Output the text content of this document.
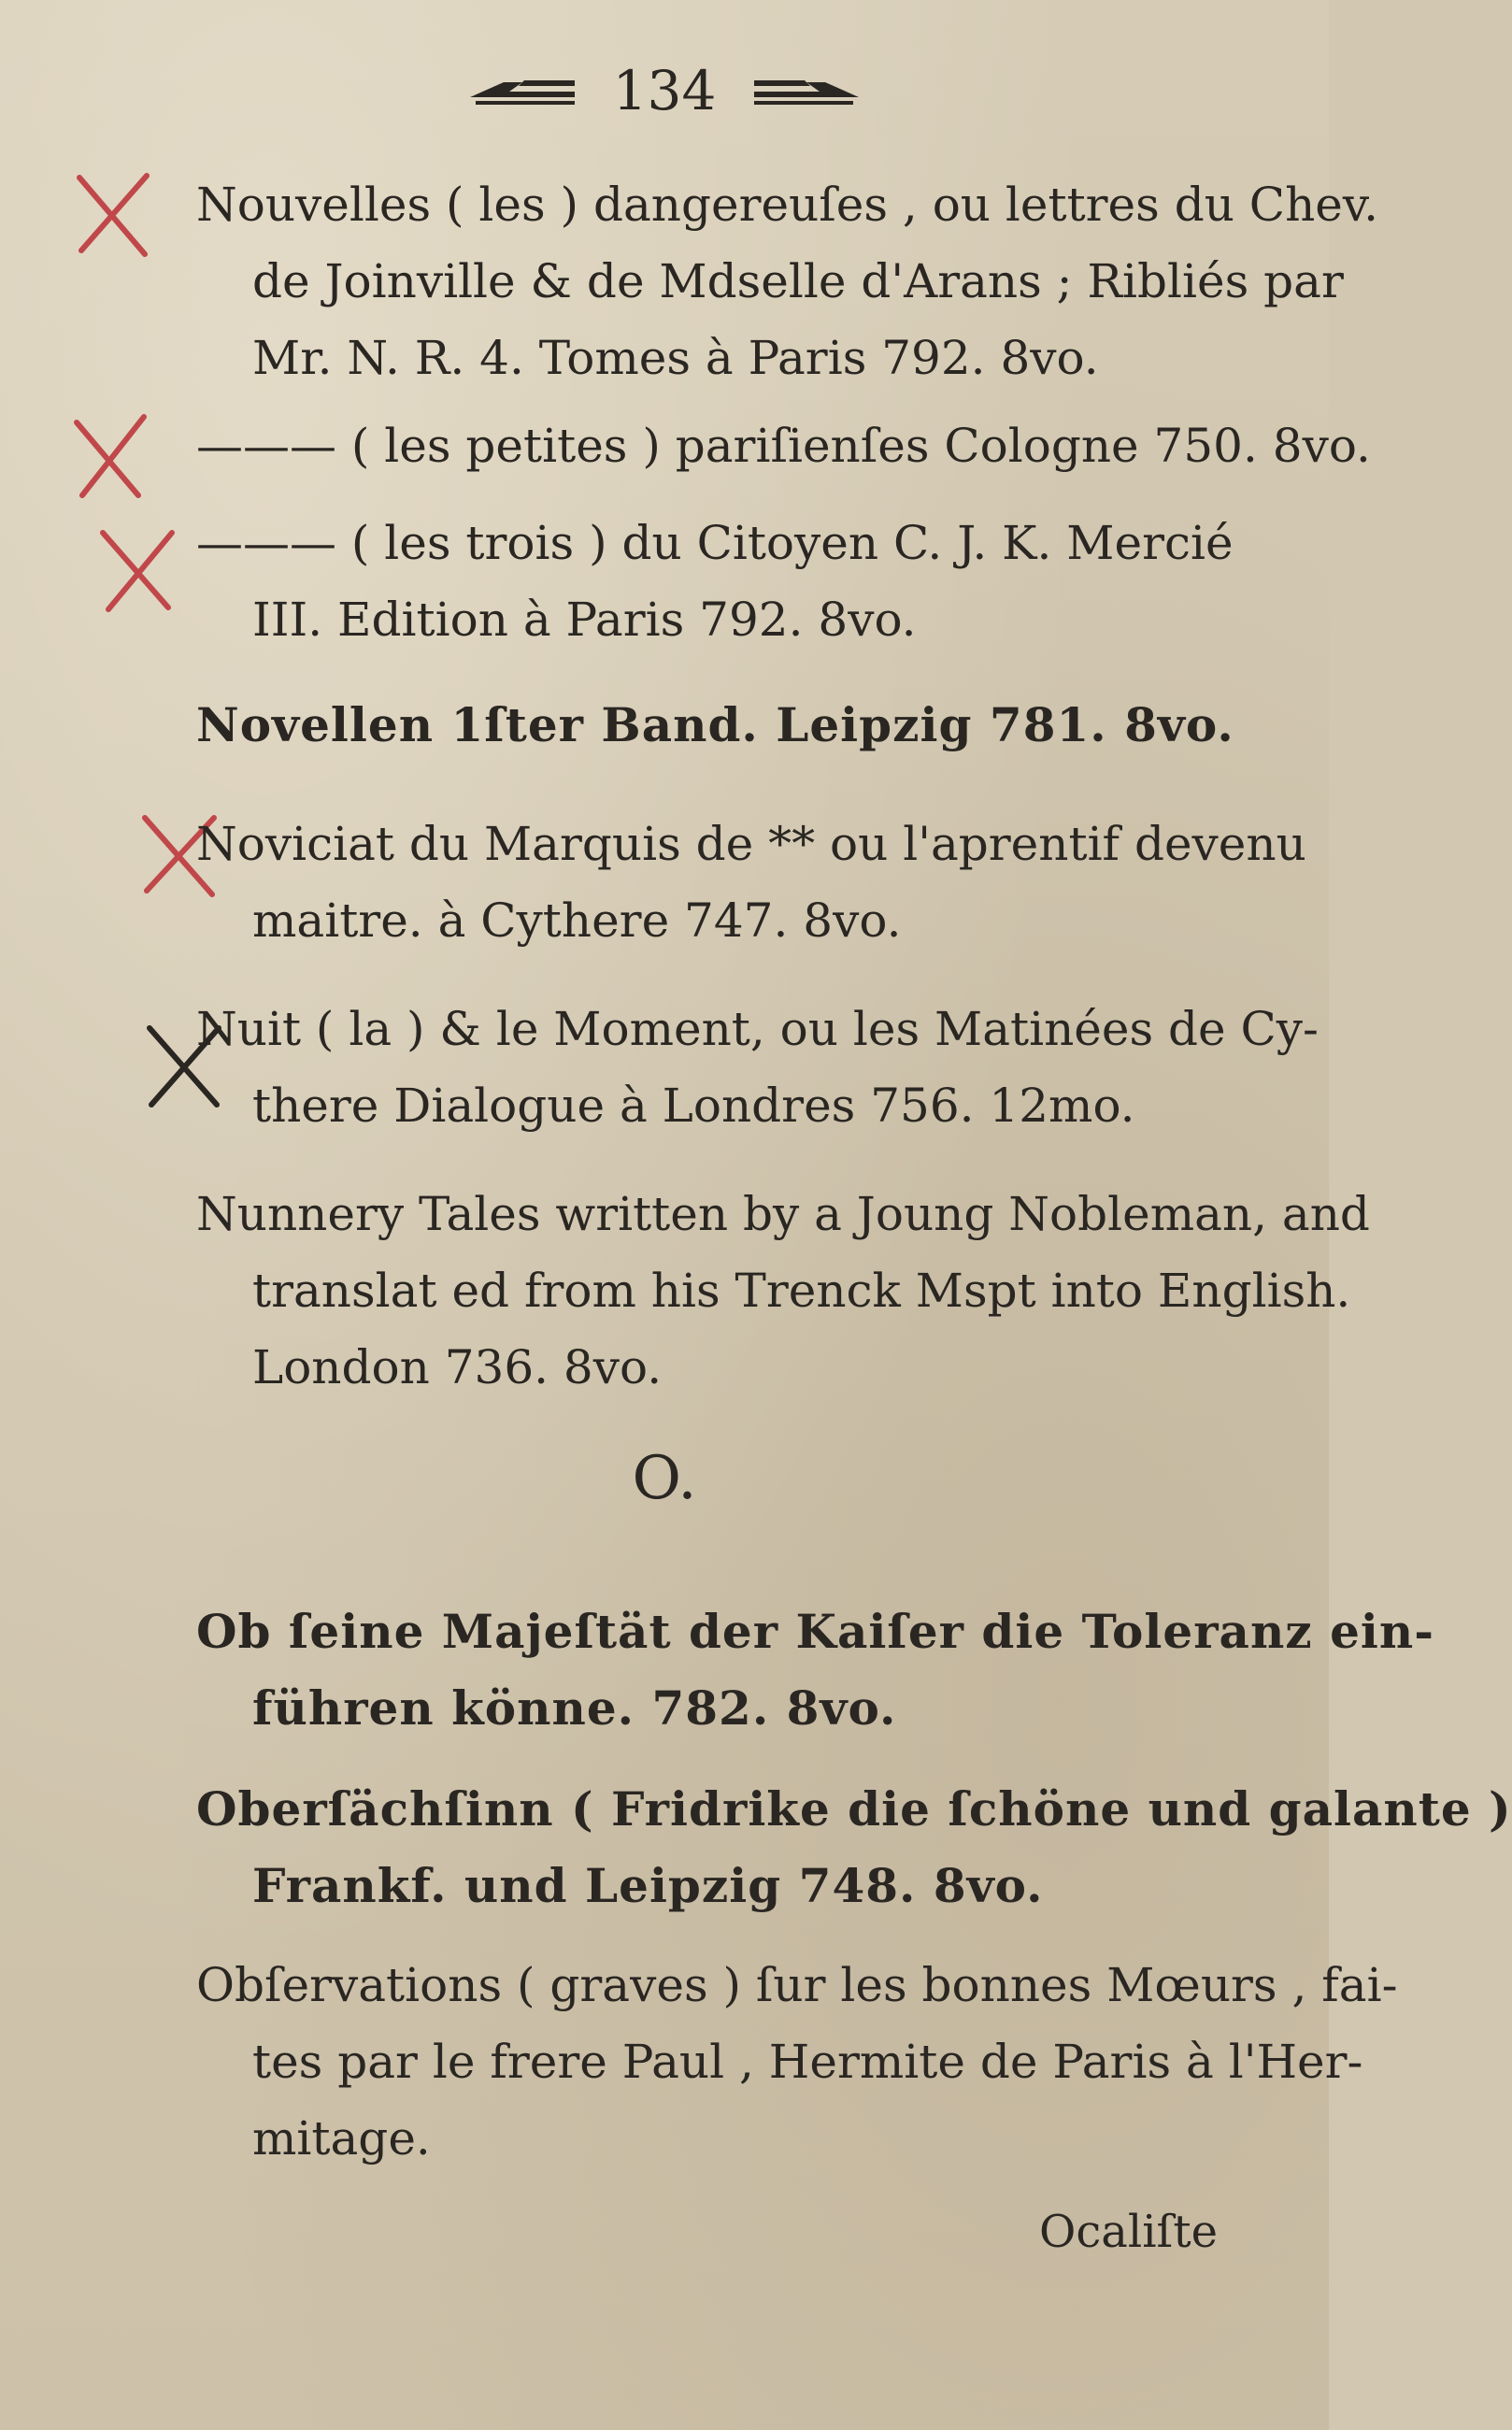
134
Nouvelles ( les ) dangereuſes , ou lettres du Chev.
de Joinville & de Mdselle d'Arans ; Ribliés par
Mr. N. R. 4. Tomes à Paris 792. 8vo.
——— ( les petites ) pariſienſes Cologne 750. 8vo.
——— ( les trois ) du Citoyen C. J. K. Mercié
III. Edition à Paris 792. 8vo.
Novellen 1ſter Band. Leipzig 781. 8vo.
Noviciat du Marquis de ** ou l'aprentif devenu
maitre. à Cythere 747. 8vo.
Nuit ( la ) & le Moment, ou les Matinées de Cy-
there Dialogue à Londres 756. 12mo.
Nunnery Tales written by a Joung Nobleman, and
translat ed from his Trenck Mspt into English.
London 736. 8vo.
O.
Ob ſeine Majeſtät der Kaiſer die Toleranz ein-
führen könne. 782. 8vo.
Oberſächſinn ( Fridrike die ſchöne und galante )
Frankf. und Leipzig 748. 8vo.
Obſervations ( graves ) ſur les bonnes Mœurs , fai-
tes par le frere Paul , Hermite de Paris à l'Her-
mitage.
Ocaliſte
